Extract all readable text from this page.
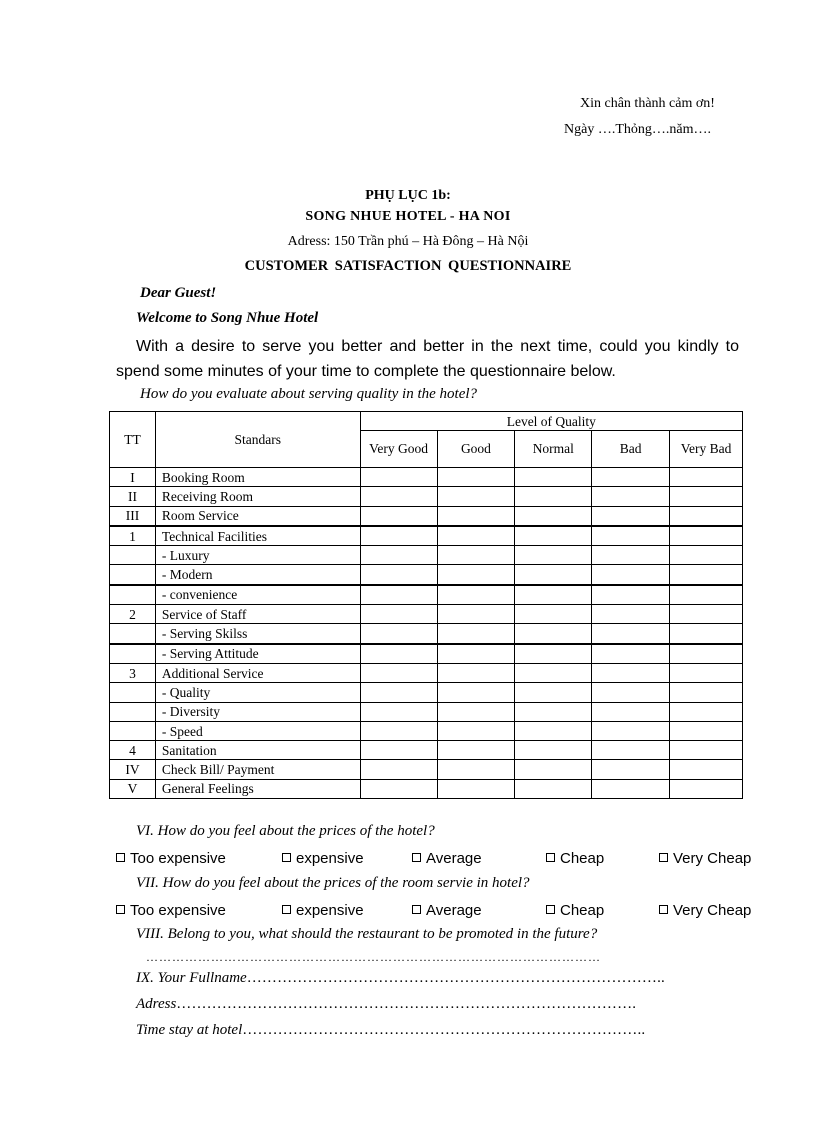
Xin chân thành cảm ơn!
Ngày ….Thỏng….năm….
PHỤ LỤC 1b:
SONG NHUE HOTEL - HA NOI
Adress: 150 Trần phú – Hà Đông – Hà Nội
CUSTOMER SATISFACTION QUESTIONNAIRE
Dear Guest!
Welcome to Song Nhue Hotel
With a desire to serve you better and better in the next time, could you kindly to spend some minutes of your time to complete the questionnaire below.
How do you evaluate about serving quality in the hotel?
TT	Standars	Level of Quality				
		Very Good	Good	Normal	Bad	Very Bad
I	Booking Room					
II	Receiving Room					
III	Room Service					
1	Technical Facilities					
	- Luxury					
	- Modern					
	- convenience					
2	Service of Staff					
	- Serving Skilss					
	- Serving Attitude					
3	Additional Service					
	- Quality					
	- Diversity					
	- Speed					
4	Sanitation					
IV	Check Bill/ Payment					
V	General Feelings					
VI. How do you feel about the prices of the hotel?
Too expensive	expensive	Average	Cheap	Very Cheap
VII. How do you feel about the prices of the room servie in hotel?
Too expensive	expensive	Average	Cheap	Very Cheap
VIII. Belong to you, what should the restaurant to be promoted in the future?
……………………………………………………………………………………………
IX. Your Fullname………………………………………………………………………..
Adress……………………………………………………………………………….
Time stay at hotel……………………………………………………………………..
